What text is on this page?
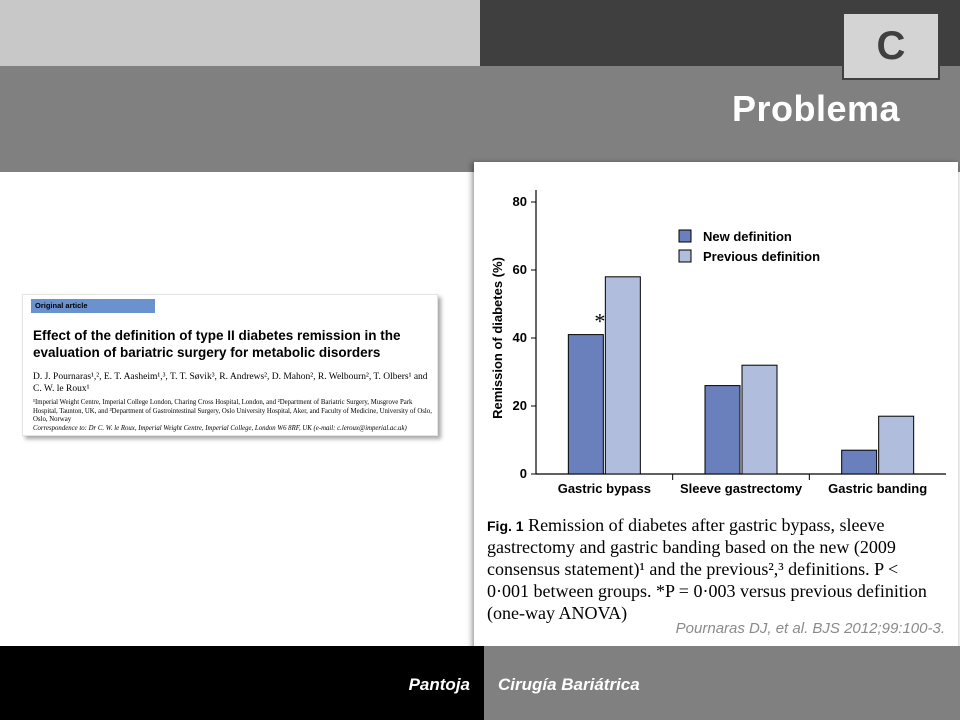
C
Problema
Original article
Effect of the definition of type II diabetes remission in the evaluation of bariatric surgery for metabolic disorders
D. J. Pournaras¹,², E. T. Aasheim¹,³, T. T. Søvik³, R. Andrews², D. Mahon², R. Welbourn², T. Olbers¹ and C. W. le Roux¹
¹Imperial Weight Centre, Imperial College London, Charing Cross Hospital, London, and ²Department of Bariatric Surgery, Musgrove Park Hospital, Taunton, UK, and ³Department of Gastrointestinal Surgery, Oslo University Hospital, Aker, and Faculty of Medicine, University of Oslo, Oslo, Norway
Correspondence to: Dr C. W. le Roux, Imperial Weight Centre, Imperial College, London W6 8RF, UK (e-mail: c.leroux@imperial.ac.uk)
0
20
40
60
80
Remission of diabetes (%)
Gastric bypass Sleeve gastrectomy Gastric banding
*
New definition
Previous definition
Fig. 1 Remission of diabetes after gastric bypass, sleeve gastrectomy and gastric banding based on the new (2009 consensus statement)¹ and the previous²,³ definitions. P < 0·001 between groups. *P = 0·003 versus previous definition (one-way ANOVA)
Pournaras DJ, et al. BJS 2012;99:100-3.
Pantoja Cirugía Bariátrica
